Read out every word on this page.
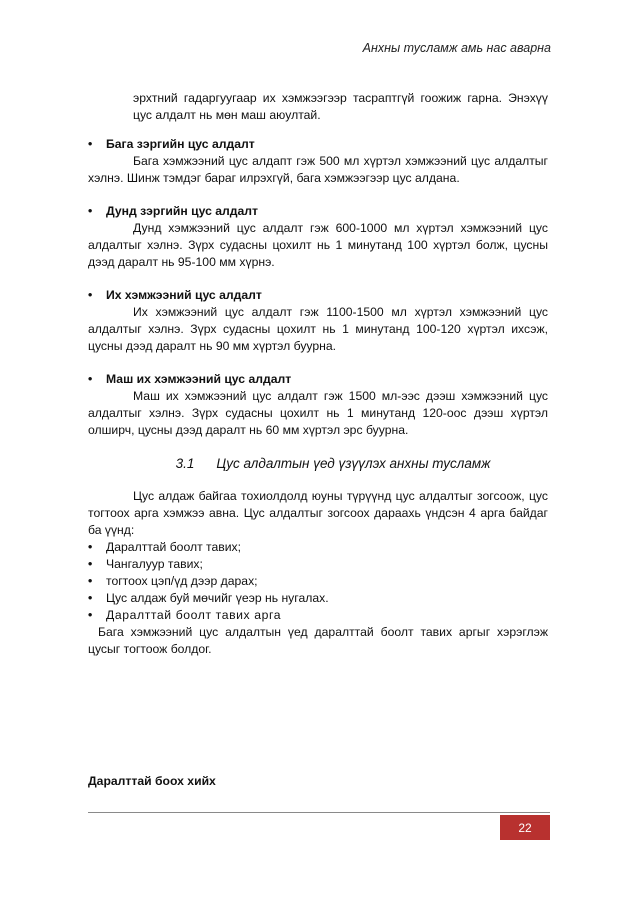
Анхны тусламж амь нас аварна

эрхтний гадаргуугаар их хэмжээгээр тасраптгүй гоожиж гарна. Энэхүү цус алдалт нь мөн маш аюултай.

•	Бага зэргийн цус алдалт

Бага хэмжээний цус алдапт гэж 500 мл хүртэл хэмжээний цус алдалтыг хэлнэ. Шинж тэмдэг бараг илрэхгүй, бага хэмжээгээр цус алдана.

•	Дунд зэргийн цус алдалт

Дунд хэмжээний цус алдалт гэж 600-1000 мл хүртэл хэмжээний цус алдалтыг хэлнэ. Зүрх судасны цохилт нь 1 минутанд 100 хүртэл болж, цусны дээд даралт нь 95-100 мм хүрнэ.

•	Их хэмжээний цус алдалт

Их хэмжээний цус алдалт гэж 1100-1500 мл хүртэл хэмжээний цус алдалтыг хэлнэ. Зүрх судасны цохилт нь 1 минутанд 100-120 хүртэл ихсэж, цусны дээд даралт нь 90 мм хүртэл буурна.

•	Маш их хэмжээний цус алдалт

Маш их хэмжээний цус алдалт гэж 1500 мл-ээс дээш хэмжээний цус алдалтыг хэлнэ. Зүрх судасны цохилт нь 1 минутанд 120-оос дээш хүртэл олширч, цусны дээд даралт нь 60 мм хүртэл эрс буурна.

3.1 Цус алдалтын үед үзүүлэх анхны тусламж

Цус алдаж байгаа тохиолдолд юуны түрүүнд цус алдалтыг зогсоож, цус тогтоох арга хэмжээ авна. Цус алдалтыг зогсоох дараахь үндсэн 4 арга байдаг ба үүнд:

•	Даралттай боолт тавих;
•	Чангалуур тавих;
•	тогтоох цэп/үд дээр дарах;
•	Цус алдаж буй мөчийг үеэр нь нугалах.
•	Даралттай боолт тавих арга

Бага хэмжээний цус алдалтын үед даралттай боолт тавих аргыг хэрэглэж цусыг тогтоож болдог.

Даралттай боох хийх
22
